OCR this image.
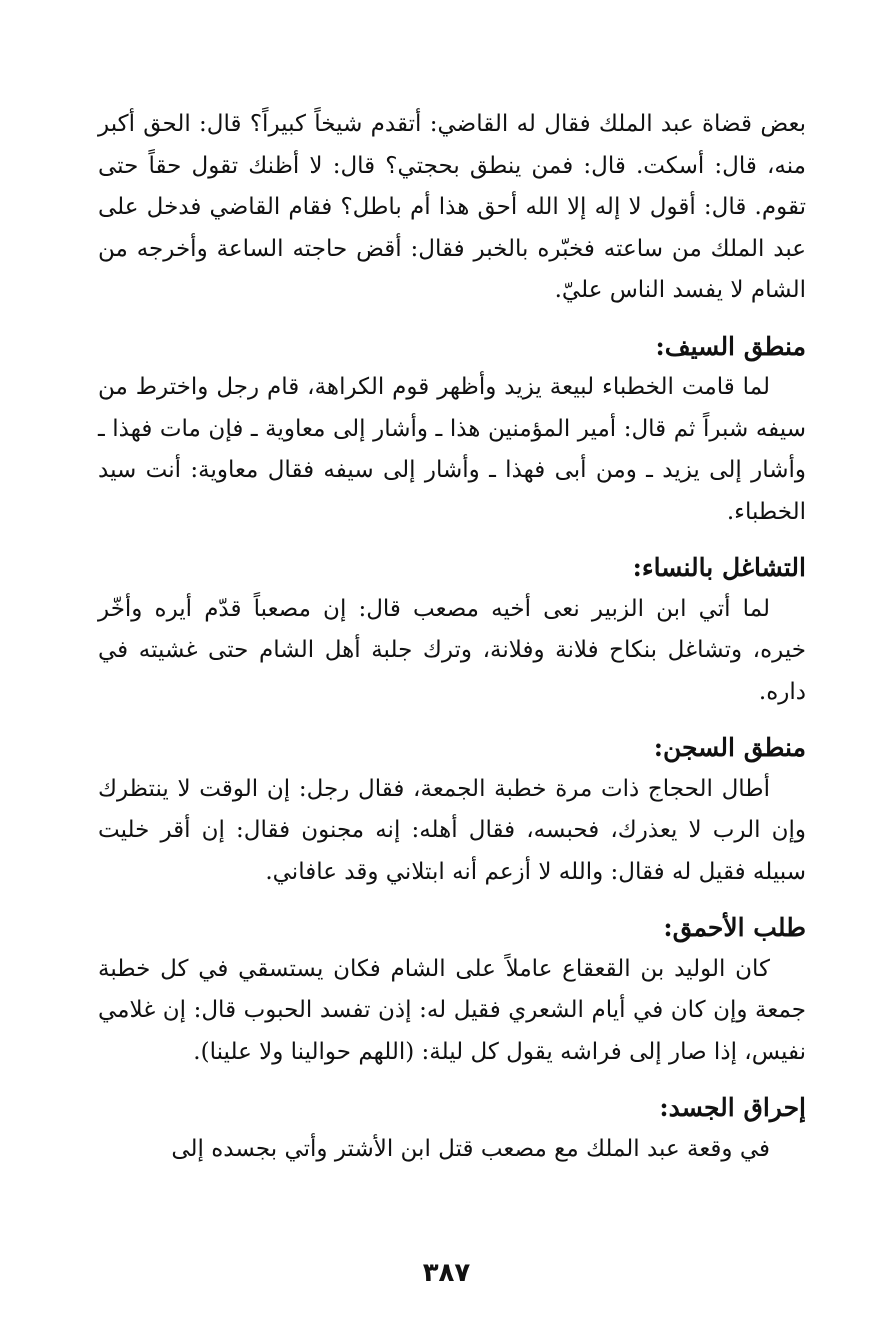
بعض قضاة عبد الملك فقال له القاضي: أتقدم شيخاً كبيراً؟ قال: الحق أكبر منه، قال: أسكت. قال: فمن ينطق بحجتي؟ قال: لا أظنك تقول حقاً حتى تقوم. قال: أقول لا إله إلا الله أحق هذا أم باطل؟ فقام القاضي فدخل على عبد الملك من ساعته فخبّره بالخبر فقال: أقض حاجته الساعة وأخرجه من الشام لا يفسد الناس عليّ.

منطق السيف:

لما قامت الخطباء لبيعة يزيد وأظهر قوم الكراهة، قام رجل واخترط من سيفه شبراً ثم قال: أمير المؤمنين هذا ـ وأشار إلى معاوية ـ فإن مات فهذا ـ وأشار إلى يزيد ـ ومن أبى فهذا ـ وأشار إلى سيفه فقال معاوية: أنت سيد الخطباء.

التشاغل بالنساء:

لما أتي ابن الزبير نعى أخيه مصعب قال: إن مصعباً قدّم أيره وأخّر خيره، وتشاغل بنكاح فلانة وفلانة، وترك جلبة أهل الشام حتى غشيته في داره.

منطق السجن:

أطال الحجاج ذات مرة خطبة الجمعة، فقال رجل: إن الوقت لا ينتظرك وإن الرب لا يعذرك، فحبسه، فقال أهله: إنه مجنون فقال: إن أقر خليت سبيله فقيل له فقال: والله لا أزعم أنه ابتلاني وقد عافاني.

طلب الأحمق:

كان الوليد بن القعقاع عاملاً على الشام فكان يستسقي في كل خطبة جمعة وإن كان في أيام الشعري فقيل له: إذن تفسد الحبوب قال: إن غلامي نفيس، إذا صار إلى فراشه يقول كل ليلة: (اللهم حوالينا ولا علينا).

إحراق الجسد:

في وقعة عبد الملك مع مصعب قتل ابن الأشتر وأتي بجسده إلى

٣٨٧
